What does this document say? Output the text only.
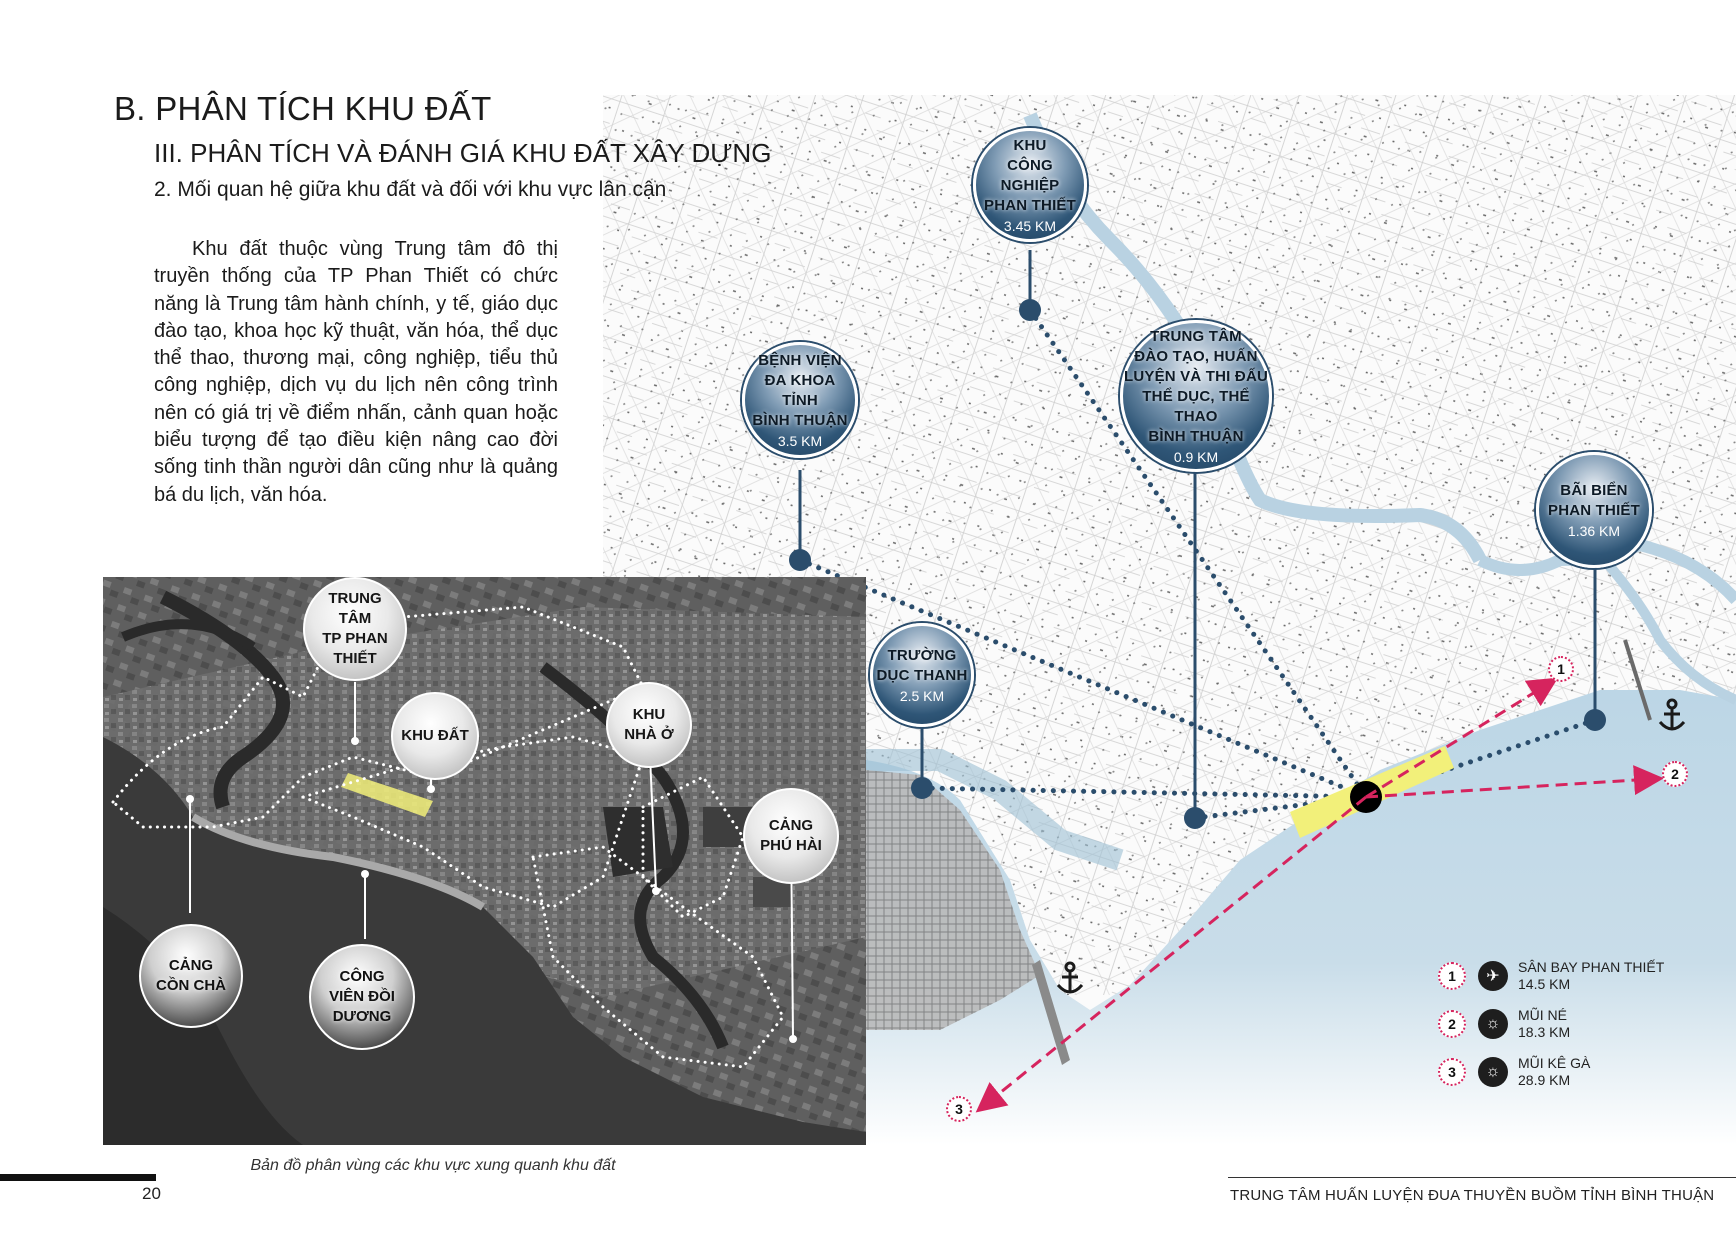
1
2
3
B. PHÂN TÍCH KHU ĐẤT
III. PHÂN TÍCH VÀ ĐÁNH GIÁ KHU ĐẤT XÂY DỰNG
2. Mối quan hệ giữa khu đất và đối với khu vực lân cận

Khu đất thuộc vùng Trung tâm đô thị truyền thống của TP Phan Thiết có chức năng là Trung tâm hành chính, y tế, giáo dục đào tạo, khoa học kỹ thuật, văn hóa, thể dục thể thao, thương mại, công nghiệp, tiểu thủ công nghiệp, dịch vụ du lịch nên công trình nên có giá trị về điểm nhấn, cảnh quan hoặc biểu tượng để tạo điều kiện nâng cao đời sống tinh thần người dân cũng như là quảng bá du lịch, văn hóa.

KHU
CÔNG NGHIỆP
PHAN THIẾT
3.45 KM
BỆNH VIỆN
ĐA KHOA TỈNH
BÌNH THUẬN
3.5 KM
TRUNG TÂM
ĐÀO TẠO, HUẤN
LUYỆN VÀ THI ĐẤU
THỂ DỤC, THỂ THAO
BÌNH THUẬN
0.9 KM
BÃI BIỂN
PHAN THIẾT
1.36 KM
TRƯỜNG
DỤC THANH
2.5 KM
TRUNG
TÂM
TP PHAN
THIẾT
KHU ĐẤT
KHU
NHÀ Ở
CẢNG
PHÚ HÀI
CẢNG
CỒN CHÀ
CÔNG
VIÊN ĐỒI
DƯƠNG
1	✈
SÂN BAY PHAN THIẾT
14.5 KM
2	☼	MŨI NÉ
18.3 KM
3	☼	MŨI KÊ GÀ
28.9 KM
Bản đồ phân vùng các khu vực xung quanh khu đất
20	TRUNG TÂM HUẤN LUYỆN ĐUA THUYỀN BUỒM TỈNH BÌNH THUẬN
